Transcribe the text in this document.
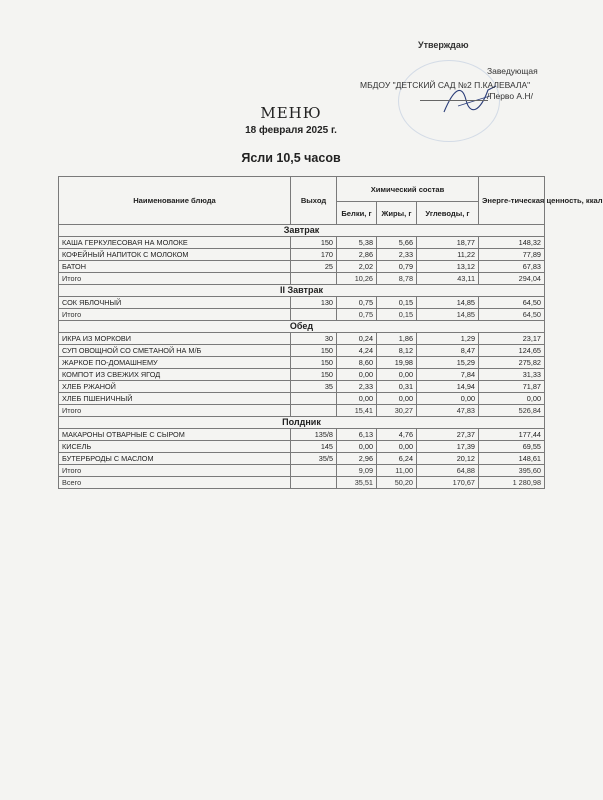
Утверждаю
Заведующая
МБДОУ "ДЕТСКИЙ САД №2 П.КАЛЕВАЛА"
/Перво А.Н/
МЕНЮ
18 февраля 2025 г.
Ясли 10,5 часов
Наименование блюда	Выход	Химический состав			Энерге-тическая ценность, ккал
		Белки, г	Жиры, г	Углеводы, г	
Завтрак					
КАША ГЕРКУЛЕСОВАЯ НА МОЛОКЕ	150	5,38	5,66	18,77	148,32
КОФЕЙНЫЙ НАПИТОК С МОЛОКОМ	170	2,86	2,33	11,22	77,89
БАТОН	25	2,02	0,79	13,12	67,83
Итого		10,26	8,78	43,11	294,04
II Завтрак					
СОК ЯБЛОЧНЫЙ	130	0,75	0,15	14,85	64,50
Итого		0,75	0,15	14,85	64,50
Обед					
ИКРА ИЗ МОРКОВИ	30	0,24	1,86	1,29	23,17
СУП ОВОЩНОЙ СО СМЕТАНОЙ НА М/Б	150	4,24	8,12	8,47	124,65
ЖАРКОЕ ПО-ДОМАШНЕМУ	150	8,60	19,98	15,29	275,82
КОМПОТ ИЗ СВЕЖИХ ЯГОД	150	0,00	0,00	7,84	31,33
ХЛЕБ РЖАНОЙ	35	2,33	0,31	14,94	71,87
ХЛЕБ ПШЕНИЧНЫЙ		0,00	0,00	0,00	0,00
Итого		15,41	30,27	47,83	526,84
Полдник					
МАКАРОНЫ ОТВАРНЫЕ С СЫРОМ	135/8	6,13	4,76	27,37	177,44
КИСЕЛЬ	145	0,00	0,00	17,39	69,55
БУТЕРБРОДЫ С МАСЛОМ	35/5	2,96	6,24	20,12	148,61
Итого		9,09	11,00	64,88	395,60
Всего		35,51	50,20	170,67	1 280,98
